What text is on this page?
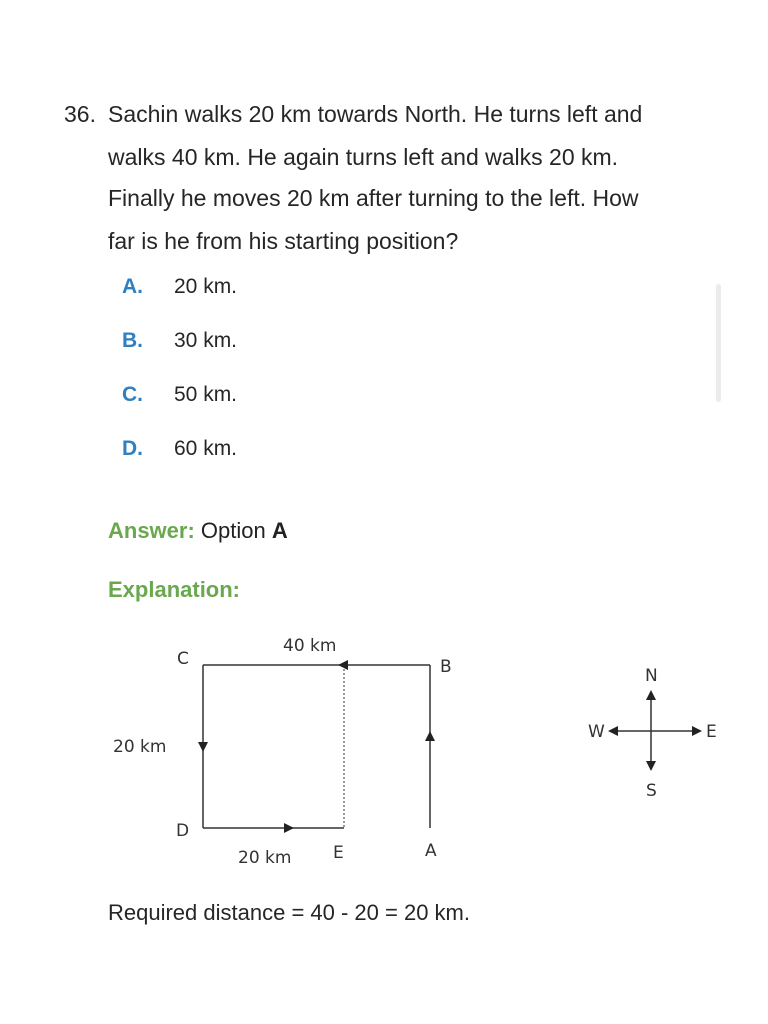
36. Sachin walks 20 km towards North. He turns left and
walks 40 km. He again turns left and walks 20 km.
Finally he moves 20 km after turning to the left. How
far is he from his starting position?
A. 20 km.
B. 30 km.
C. 50 km.
D. 60 km.
Answer: Option A
Explanation:
40 km
20 km
20 km
C	B
D
E	A
N
S
W	E
Required distance = 40 - 20 = 20 km.
